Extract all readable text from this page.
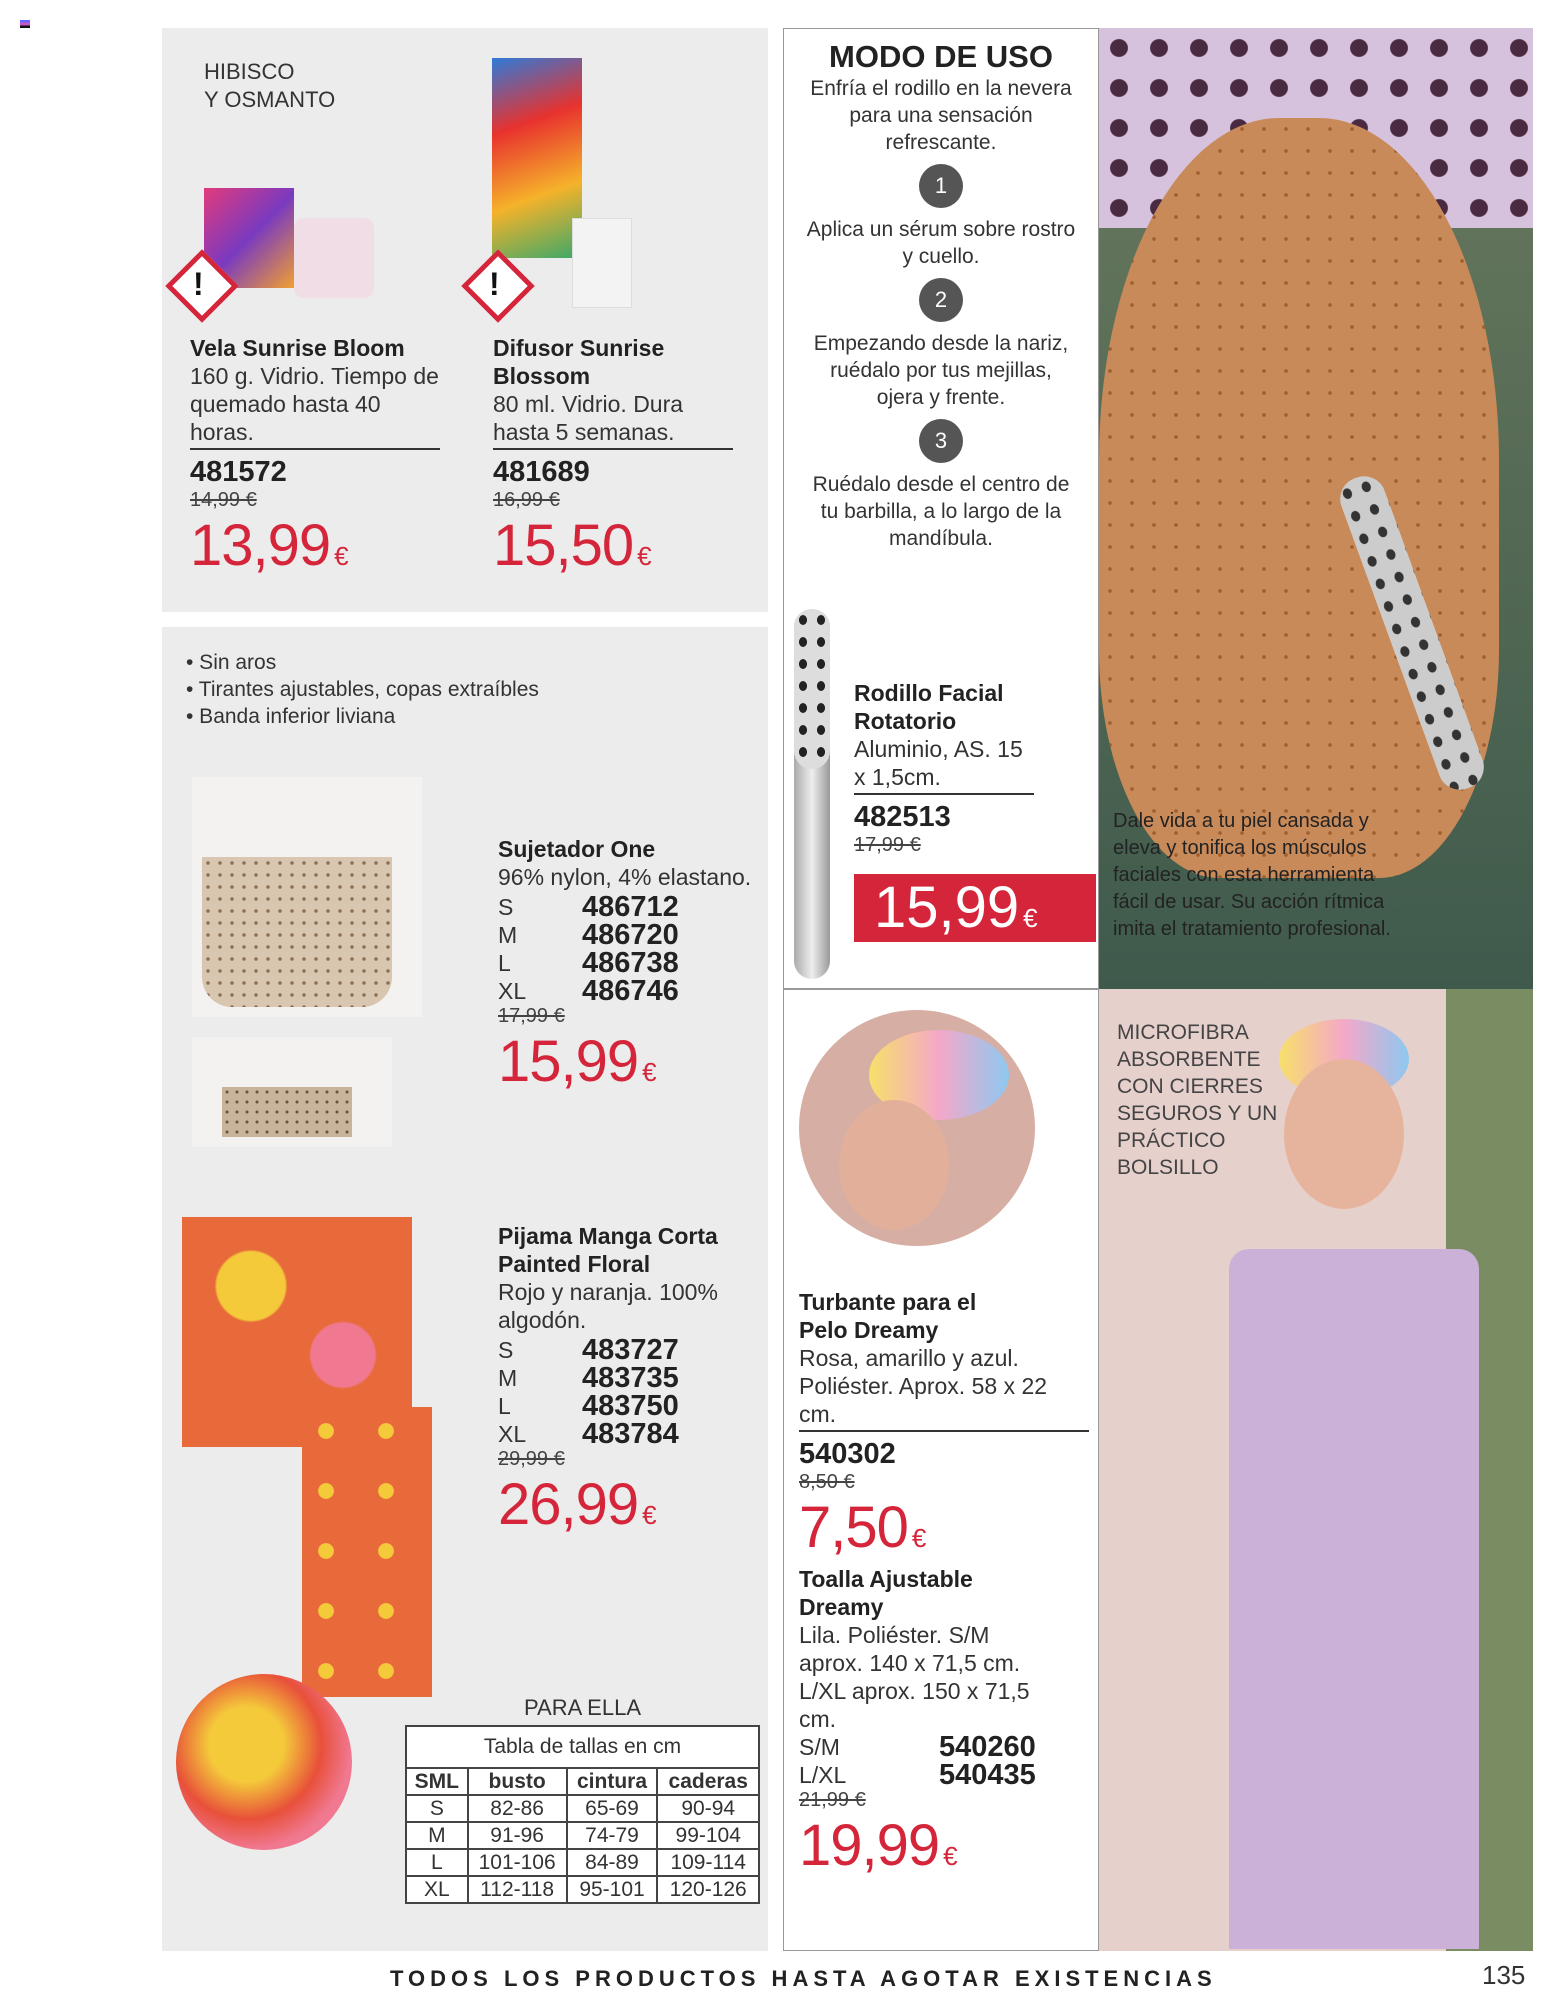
HIBISCO
Y OSMANTO
!	!
Vela Sunrise Bloom
160 g. Vidrio. Tiempo de quemado hasta 40 horas.
481572
14,99 €
13,99 €
Difusor Sunrise Blossom
80 ml. Vidrio. Dura hasta 5 semanas.
481689
16,99 €
15,50 €
• Sin aros
• Tirantes ajustables, copas extraíbles
• Banda inferior liviana
Sujetador One
96% nylon, 4% elastano.
S	486712
M	486720
L	486738
XL	486746
17,99 €
15,99 €
Pijama Manga Corta Painted Floral
Rojo y naranja. 100% algodón.
S	483727
M	483735
L	483750
XL	483784
29,99 €
26,99 €
PARA ELLA
Tabla de tallas en cm			
SML	busto	cintura	caderas
S	82-86	65-69	90-94
M	91-96	74-79	99-104
L	101-106	84-89	109-114
XL	112-118	95-101	120-126
MODO DE USO
Enfría el rodillo en la nevera para una sensación refrescante.
1
Aplica un sérum sobre rostro y cuello.
2
Empezando desde la nariz, ruédalo por tus mejillas, ojera y frente.
3
Ruédalo desde el centro de tu barbilla, a lo largo de la mandíbula.
Rodillo Facial Rotatorio
Aluminio, AS. 15 x 1,5cm.
482513
17,99 €
15,99 €
Dale vida a tu piel cansada y eleva y tonifica los músculos faciales con esta herramienta fácil de usar. Su acción rítmica imita el tratamiento profesional.
Turbante para el Pelo Dreamy
Rosa, amarillo y azul. Poliéster. Aprox. 58 x 22 cm.
540302
8,50 €
7,50 €
Toalla Ajustable Dreamy
Lila. Poliéster. S/M aprox. 140 x 71,5 cm. L/XL aprox. 150 x 71,5 cm.
S/M	540260
L/XL	540435
21,99 €
19,99 €
MICROFIBRA ABSORBENTE CON CIERRES SEGUROS Y UN PRÁCTICO BOLSILLO
TODOS LOS PRODUCTOS HASTA AGOTAR EXISTENCIAS	135
